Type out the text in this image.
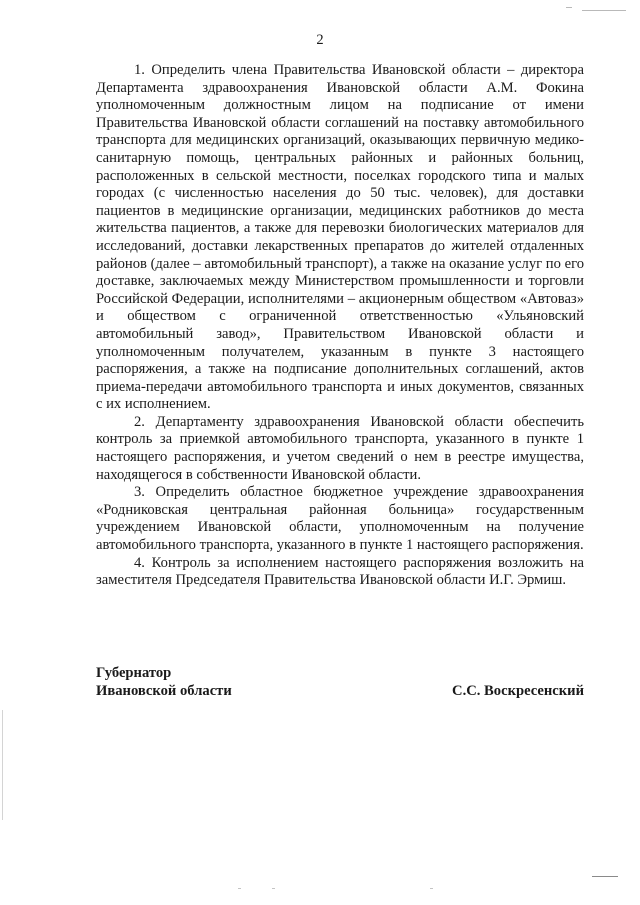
2

1. Определить члена Правительства Ивановской области – директора Департамента здравоохранения Ивановской области А.М. Фокина уполномоченным должностным лицом на подписание от имени Правительства Ивановской области соглашений на поставку автомобильного транспорта для медицинских организаций, оказывающих первичную медико-санитарную помощь, центральных районных и районных больниц, расположенных в сельской местности, поселках городского типа и малых городах (с численностью населения до 50 тыс. человек), для доставки пациентов в медицинские организации, медицинских работников до места жительства пациентов, а также для перевозки биологических материалов для исследований, доставки лекарственных препаратов до жителей отдаленных районов (далее – автомобильный транспорт), а также на оказание услуг по его доставке, заключаемых между Министерством промышленности и торговли Российской Федерации, исполнителями – акционерным обществом «Автоваз» и обществом с ограниченной ответственностью «Ульяновский автомобильный завод», Правительством Ивановской области и уполномоченным получателем, указанным в пункте 3 настоящего распоряжения, а также на подписание дополнительных соглашений, актов приема-передачи автомобильного транспорта и иных документов, связанных с их исполнением.

2. Департаменту здравоохранения Ивановской области обеспечить контроль за приемкой автомобильного транспорта, указанного в пункте 1 настоящего распоряжения, и учетом сведений о нем в реестре имущества, находящегося в собственности Ивановской области.

3. Определить областное бюджетное учреждение здравоохранения «Родниковская центральная районная больница» государственным учреждением Ивановской области, уполномоченным на получение автомобильного транспорта, указанного в пункте 1 настоящего распоряжения.

4. Контроль за исполнением настоящего распоряжения возложить на заместителя Председателя Правительства Ивановской области И.Г. Эрмиш.

Губернатор
Ивановской области	С.С. Воскресенский
